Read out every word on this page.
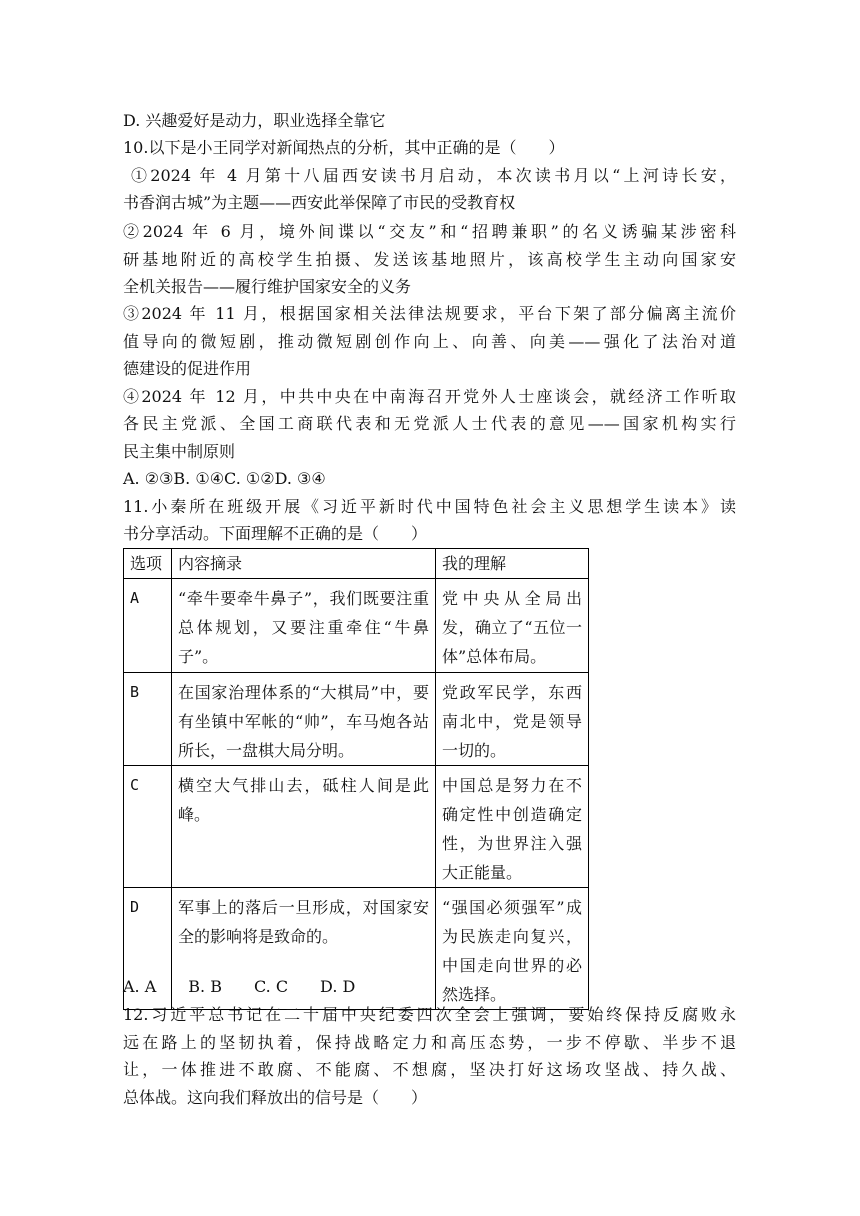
D. 兴趣爱好是动力，职业选择全靠它
10.以下是小王同学对新闻热点的分析，其中正确的是（　　）
①2024 年 4 月第十八届西安读书月启动，本次读书月以“上河诗长安，
书香润古城”为主题——西安此举保障了市民的受教育权
②2024 年 6 月，境外间谍以“交友”和“招聘兼职”的名义诱骗某涉密科
研基地附近的高校学生拍摄、发送该基地照片，该高校学生主动向国家安
全机关报告——履行维护国家安全的义务
③2024 年 11 月，根据国家相关法律法规要求，平台下架了部分偏离主流价
值导向的微短剧，推动微短剧创作向上、向善、向美——强化了法治对道
德建设的促进作用
④2024 年 12 月，中共中央在中南海召开党外人士座谈会，就经济工作听取
各民主党派、全国工商联代表和无党派人士代表的意见——国家机构实行
民主集中制原则
A. ②③B. ①④C. ①②D. ③④
11.小秦所在班级开展《习近平新时代中国特色社会主义思想学生读本》读
书分享活动。下面理解不正确的是（　　）
选项	内容摘录	我的理解
A	“牵牛要牵牛鼻子”，我们既要注重总体规划，又要注重牵住“牛鼻子”。	党中央从全局出发，确立了“五位一体”总体布局。
B	在国家治理体系的“大棋局”中，要有坐镇中军帐的“帅”，车马炮各站所长，一盘棋大局分明。	党政军民学，东西南北中，党是领导一切的。
C	横空大气排山去，砥柱人间是此峰。	中国总是努力在不确定性中创造确定性，为世界注入强大正能量。
D	军事上的落后一旦形成，对国家安全的影响将是致命的。	“强国必须强军”成为民族走向复兴，中国走向世界的必然选择。
A. A　　B. B　　C. C　　D. D
12.习近平总书记在二十届中央纪委四次全会上强调，要始终保持反腐败永
远在路上的坚韧执着，保持战略定力和高压态势，一步不停歇、半步不退
让，一体推进不敢腐、不能腐、不想腐，坚决打好这场攻坚战、持久战、
总体战。这向我们释放出的信号是（　　）
